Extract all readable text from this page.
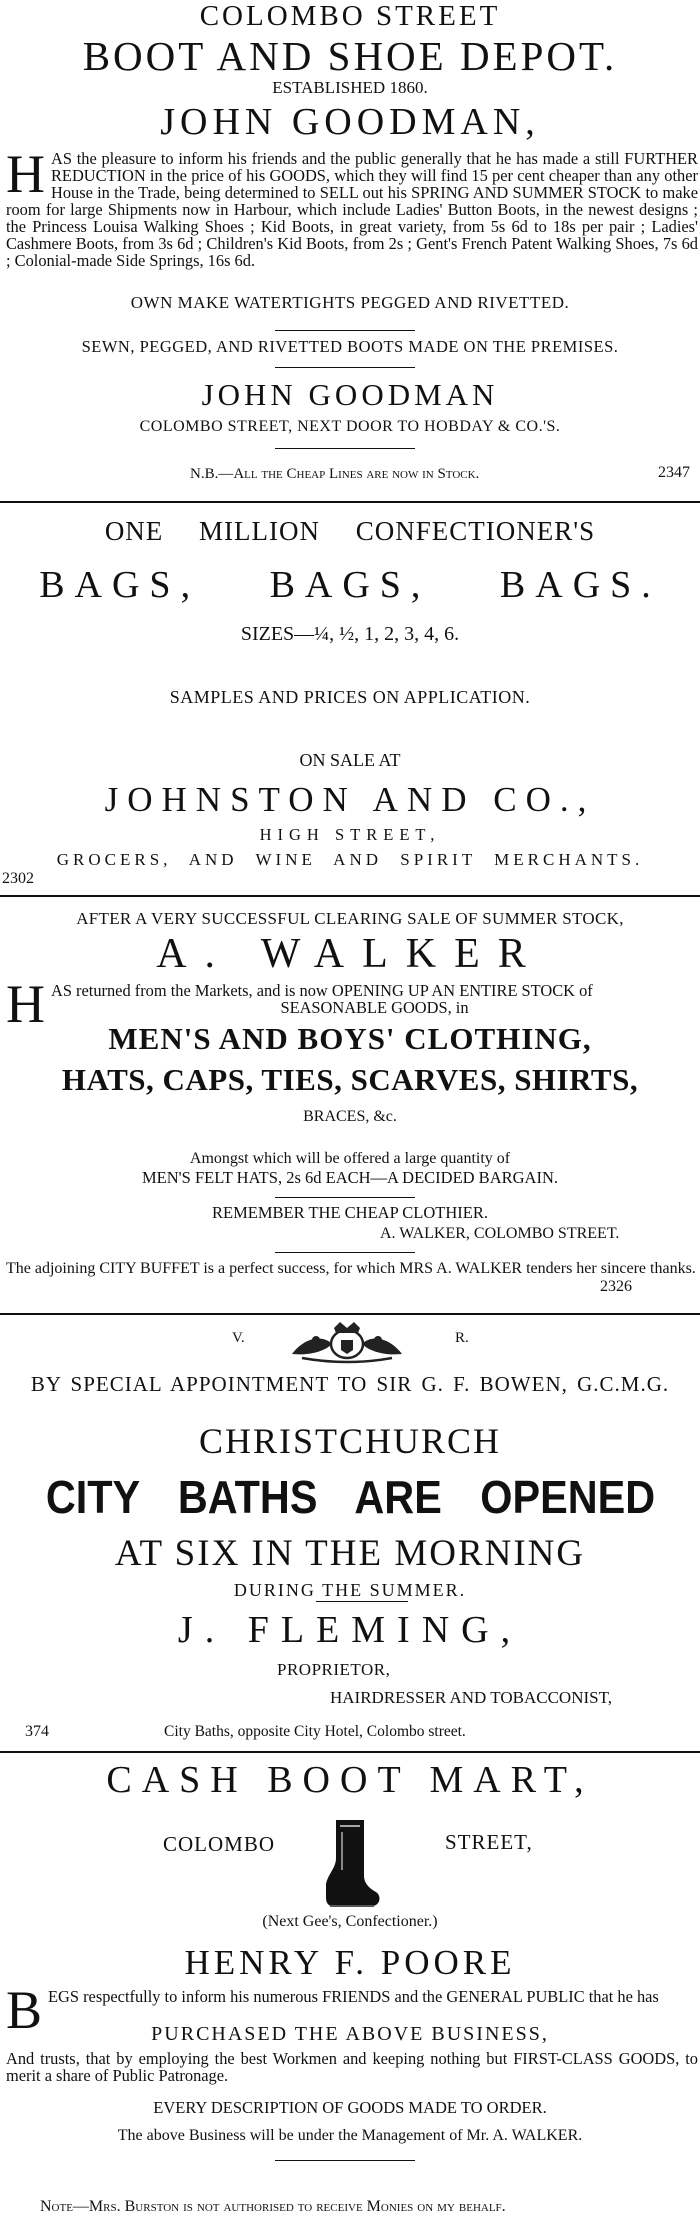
COLOMBO STREET
BOOT AND SHOE DEPOT.
ESTABLISHED 1860.
JOHN GOODMAN,
HAS the pleasure to inform his friends and the public generally that he has made a still FURTHER REDUCTION in the price of his GOODS, which they will find 15 per cent cheaper than any other House in the Trade, being determined to SELL out his SPRING AND SUMMER STOCK to make room for large Shipments now in Harbour, which include Ladies' Button Boots, in the newest designs ; the Princess Louisa Walking Shoes ; Kid Boots, in great variety, from 5s 6d to 18s per pair ; Ladies' Cashmere Boots, from 3s 6d ; Children's Kid Boots, from 2s ; Gent's French Patent Walking Shoes, 7s 6d ; Colonial-made Side Springs, 16s 6d.
OWN MAKE WATERTIGHTS PEGGED AND RIVETTED.
SEWN, PEGGED, AND RIVETTED BOOTS MADE ON THE PREMISES.
JOHN GOODMAN
COLOMBO STREET, NEXT DOOR TO HOBDAY & CO.'S.
N.B.—All the Cheap Lines are now in Stock.	2347
ONE MILLION CONFECTIONER'S
BAGS, BAGS, BAGS.
SIZES—¼, ½, 1, 2, 3, 4, 6.
SAMPLES AND PRICES ON APPLICATION.
ON SALE AT
JOHNSTON AND CO.,
HIGH STREET,
GROCERS, AND WINE AND SPIRIT MERCHANTS.
2302
AFTER A VERY SUCCESSFUL CLEARING SALE OF SUMMER STOCK,
A. WALKER
H AS returned from the Markets, and is now OPENING UP AN ENTIRE STOCK of
SEASONABLE GOODS, in
MEN'S AND BOYS' CLOTHING,
HATS, CAPS, TIES, SCARVES, SHIRTS,
BRACES, &c.
Amongst which will be offered a large quantity of
MEN'S FELT HATS, 2s 6d EACH—A DECIDED BARGAIN.
REMEMBER THE CHEAP CLOTHIER.
A. WALKER, COLOMBO STREET.
The adjoining CITY BUFFET is a perfect success, for which MRS A. WALKER tenders her sincere thanks.
2326
V.	R.
BY SPECIAL APPOINTMENT TO SIR G. F. BOWEN, G.C.M.G.
CHRISTCHURCH
CITY BATHS ARE OPENED
AT SIX IN THE MORNING
DURING THE SUMMER.
J. FLEMING,
PROPRIETOR,
HAIRDRESSER AND TOBACCONIST,
374	City Baths, opposite City Hotel, Colombo street.
CASH BOOT MART,
COLOMBO	STREET,
(Next Gee's, Confectioner.)
HENRY F. POORE
BEGS respectfully to inform his numerous FRIENDS and the GENERAL PUBLIC that he has
PURCHASED THE ABOVE BUSINESS,
And trusts, that by employing the best Workmen and keeping nothing but FIRST-CLASS GOODS, to merit a share of Public Patronage.
EVERY DESCRIPTION OF GOODS MADE TO ORDER.
The above Business will be under the Management of Mr. A. WALKER.
Note—Mrs. Burston is not authorised to receive Monies on my behalf.
